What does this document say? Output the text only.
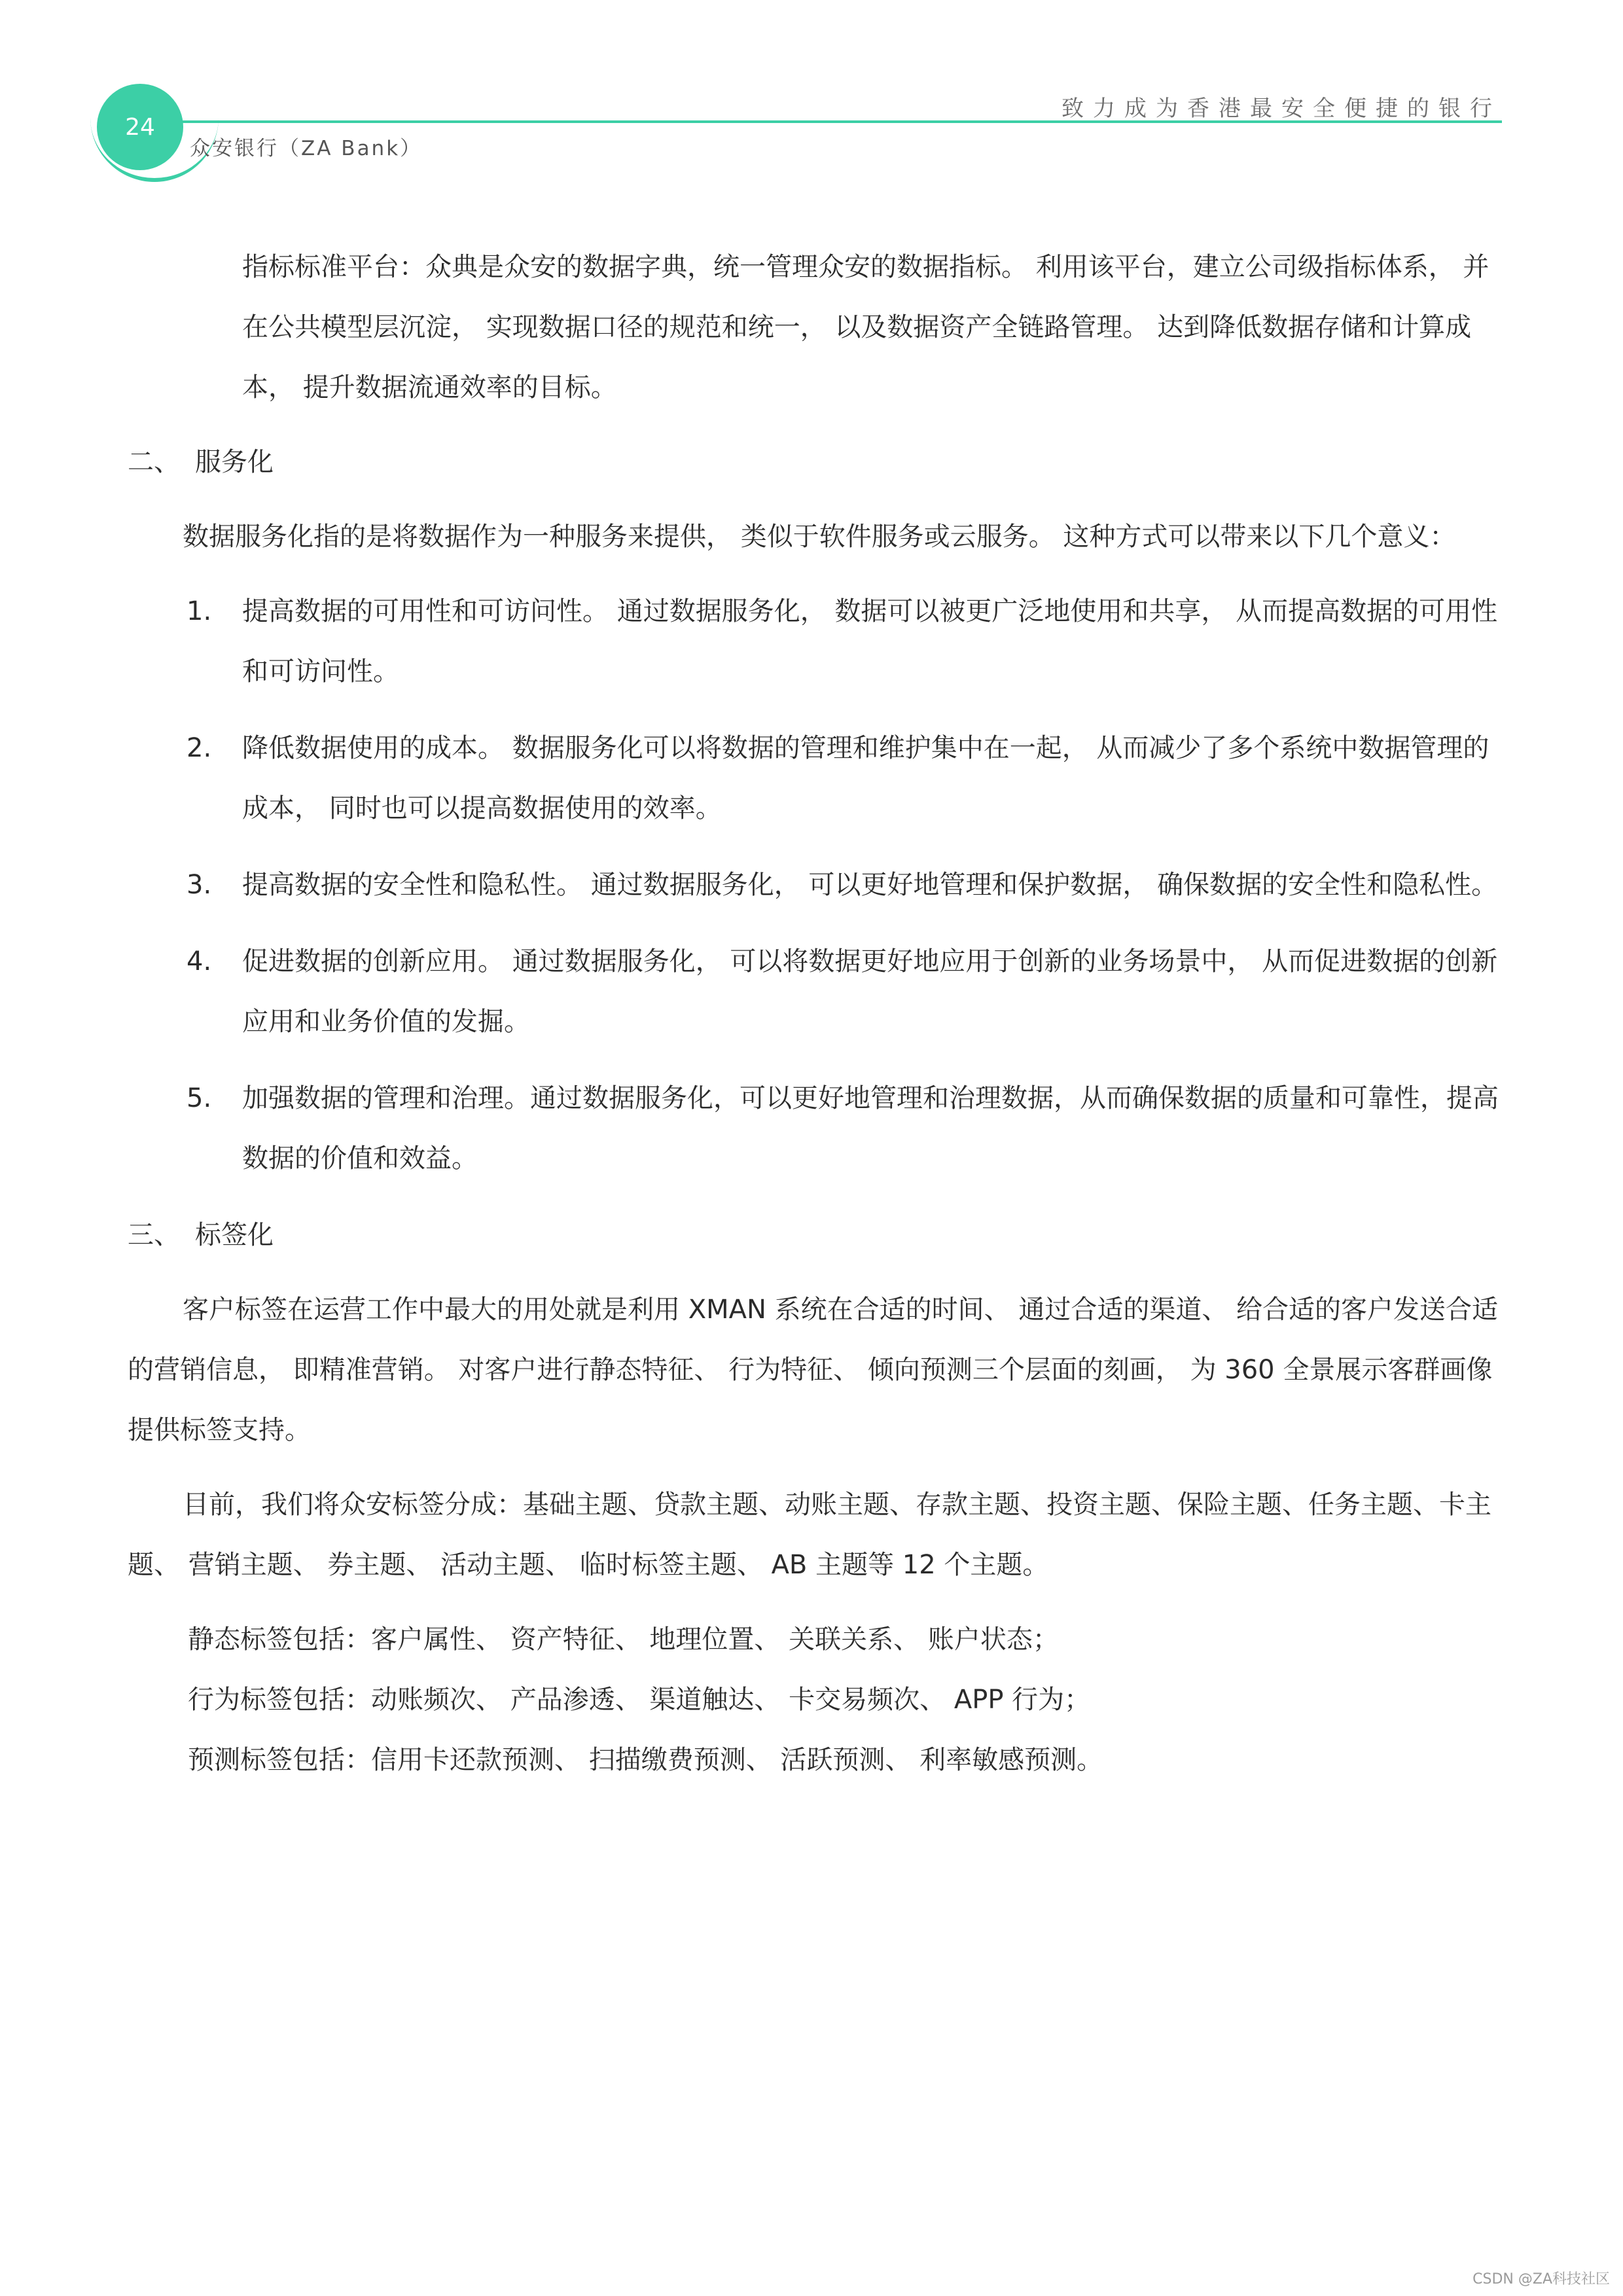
24
致力成为香港最安全便捷的银行
众安银行（ZA Bank）

指标标准平台：众典是众安的数据字典，统一管理众安的数据指标。 利用该平台，建立公司级指标体系， 并在公共模型层沉淀， 实现数据口径的规范和统一， 以及数据资产全链路管理。 达到降低数据存储和计算成本， 提升数据流通效率的目标。

二、 服务化

数据服务化指的是将数据作为一种服务来提供， 类似于软件服务或云服务。 这种方式可以带来以下几个意义：

1.	提高数据的可用性和可访问性。 通过数据服务化， 数据可以被更广泛地使用和共享， 从而提高数据的可用性和可访问性。
2.	降低数据使用的成本。 数据服务化可以将数据的管理和维护集中在一起， 从而减少了多个系统中数据管理的成本， 同时也可以提高数据使用的效率。
3.	提高数据的安全性和隐私性。 通过数据服务化， 可以更好地管理和保护数据， 确保数据的安全性和隐私性。
4.	促进数据的创新应用。 通过数据服务化， 可以将数据更好地应用于创新的业务场景中， 从而促进数据的创新应用和业务价值的发掘。
5.	加强数据的管理和治理。通过数据服务化，可以更好地管理和治理数据，从而确保数据的质量和可靠性，提高数据的价值和效益。

三、 标签化

客户标签在运营工作中最大的用处就是利用 XMAN 系统在合适的时间、 通过合适的渠道、 给合适的客户发送合适的营销信息， 即精准营销。 对客户进行静态特征、 行为特征、 倾向预测三个层面的刻画， 为 360 全景展示客群画像提供标签支持。

目前，我们将众安标签分成：基础主题、贷款主题、动账主题、存款主题、投资主题、保险主题、任务主题、卡主题、 营销主题、 券主题、 活动主题、 临时标签主题、 AB 主题等 12 个主题。

静态标签包括：客户属性、 资产特征、 地理位置、 关联关系、 账户状态；

行为标签包括：动账频次、 产品渗透、 渠道触达、 卡交易频次、 APP 行为；

预测标签包括：信用卡还款预测、 扫描缴费预测、 活跃预测、 利率敏感预测。

CSDN @ZA科技社区
